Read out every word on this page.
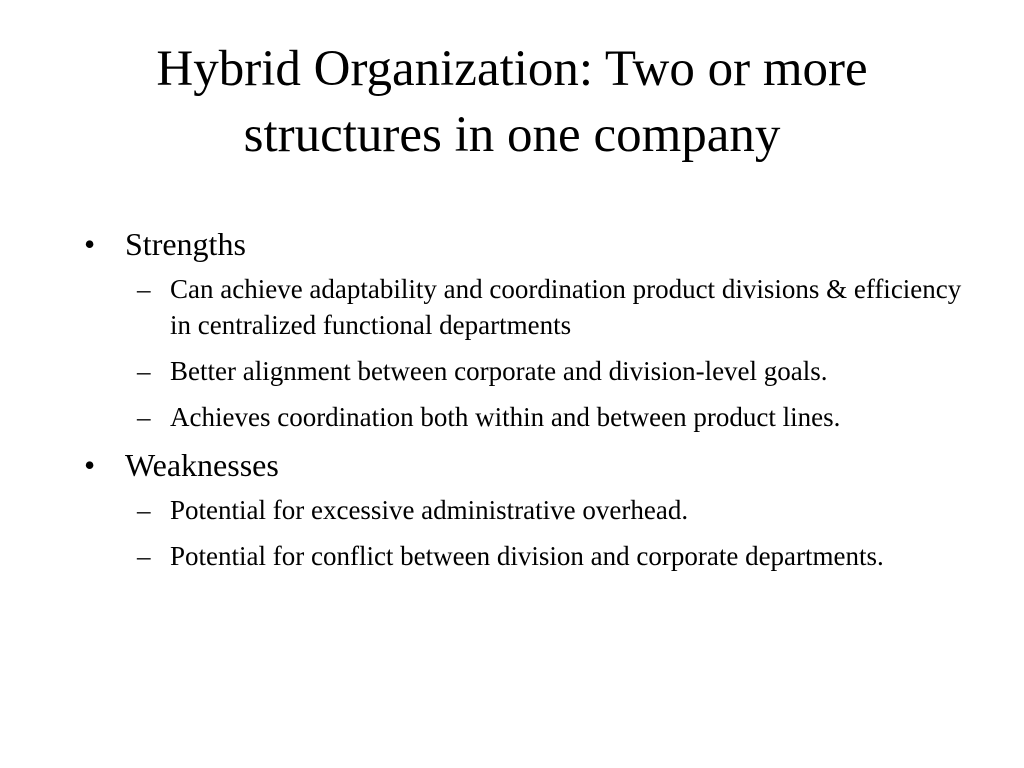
Hybrid Organization: Two or more structures in one company
• Strengths
– Can achieve adaptability and coordination product divisions & efficiency in centralized functional departments
– Better alignment between corporate and division-level goals.
– Achieves coordination both within and between product lines.
• Weaknesses
– Potential for excessive administrative overhead.
– Potential for conflict between division and corporate departments.
